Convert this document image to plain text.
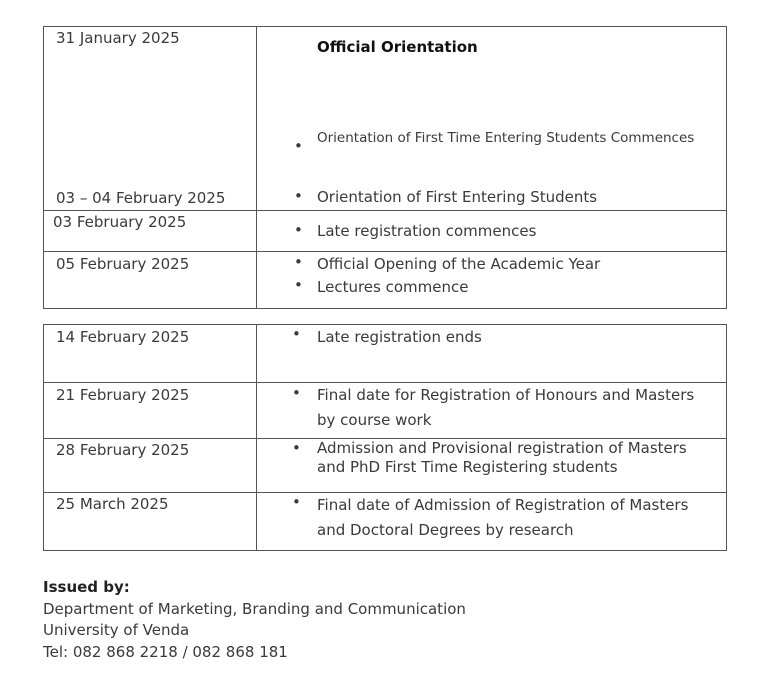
31 January 2025	Official Orientation
• Orientation of First Time Entering Students Commences
03 – 04 February 2025	• Orientation of First Entering Students
03 February 2025	• Late registration commences
05 February 2025	• Official Opening of the Academic Year
• Lectures commence
14 February 2025	• Late registration ends
21 February 2025	• Final date for Registration of Honours and Masters by course work
28 February 2025	• Admission and Provisional registration of Masters and PhD First Time Registering students
25 March 2025	• Final date of Admission of Registration of Masters and Doctoral Degrees by research
Issued by:
Department of Marketing, Branding and Communication
University of Venda
Tel: 082 868 2218 / 082 868 181
